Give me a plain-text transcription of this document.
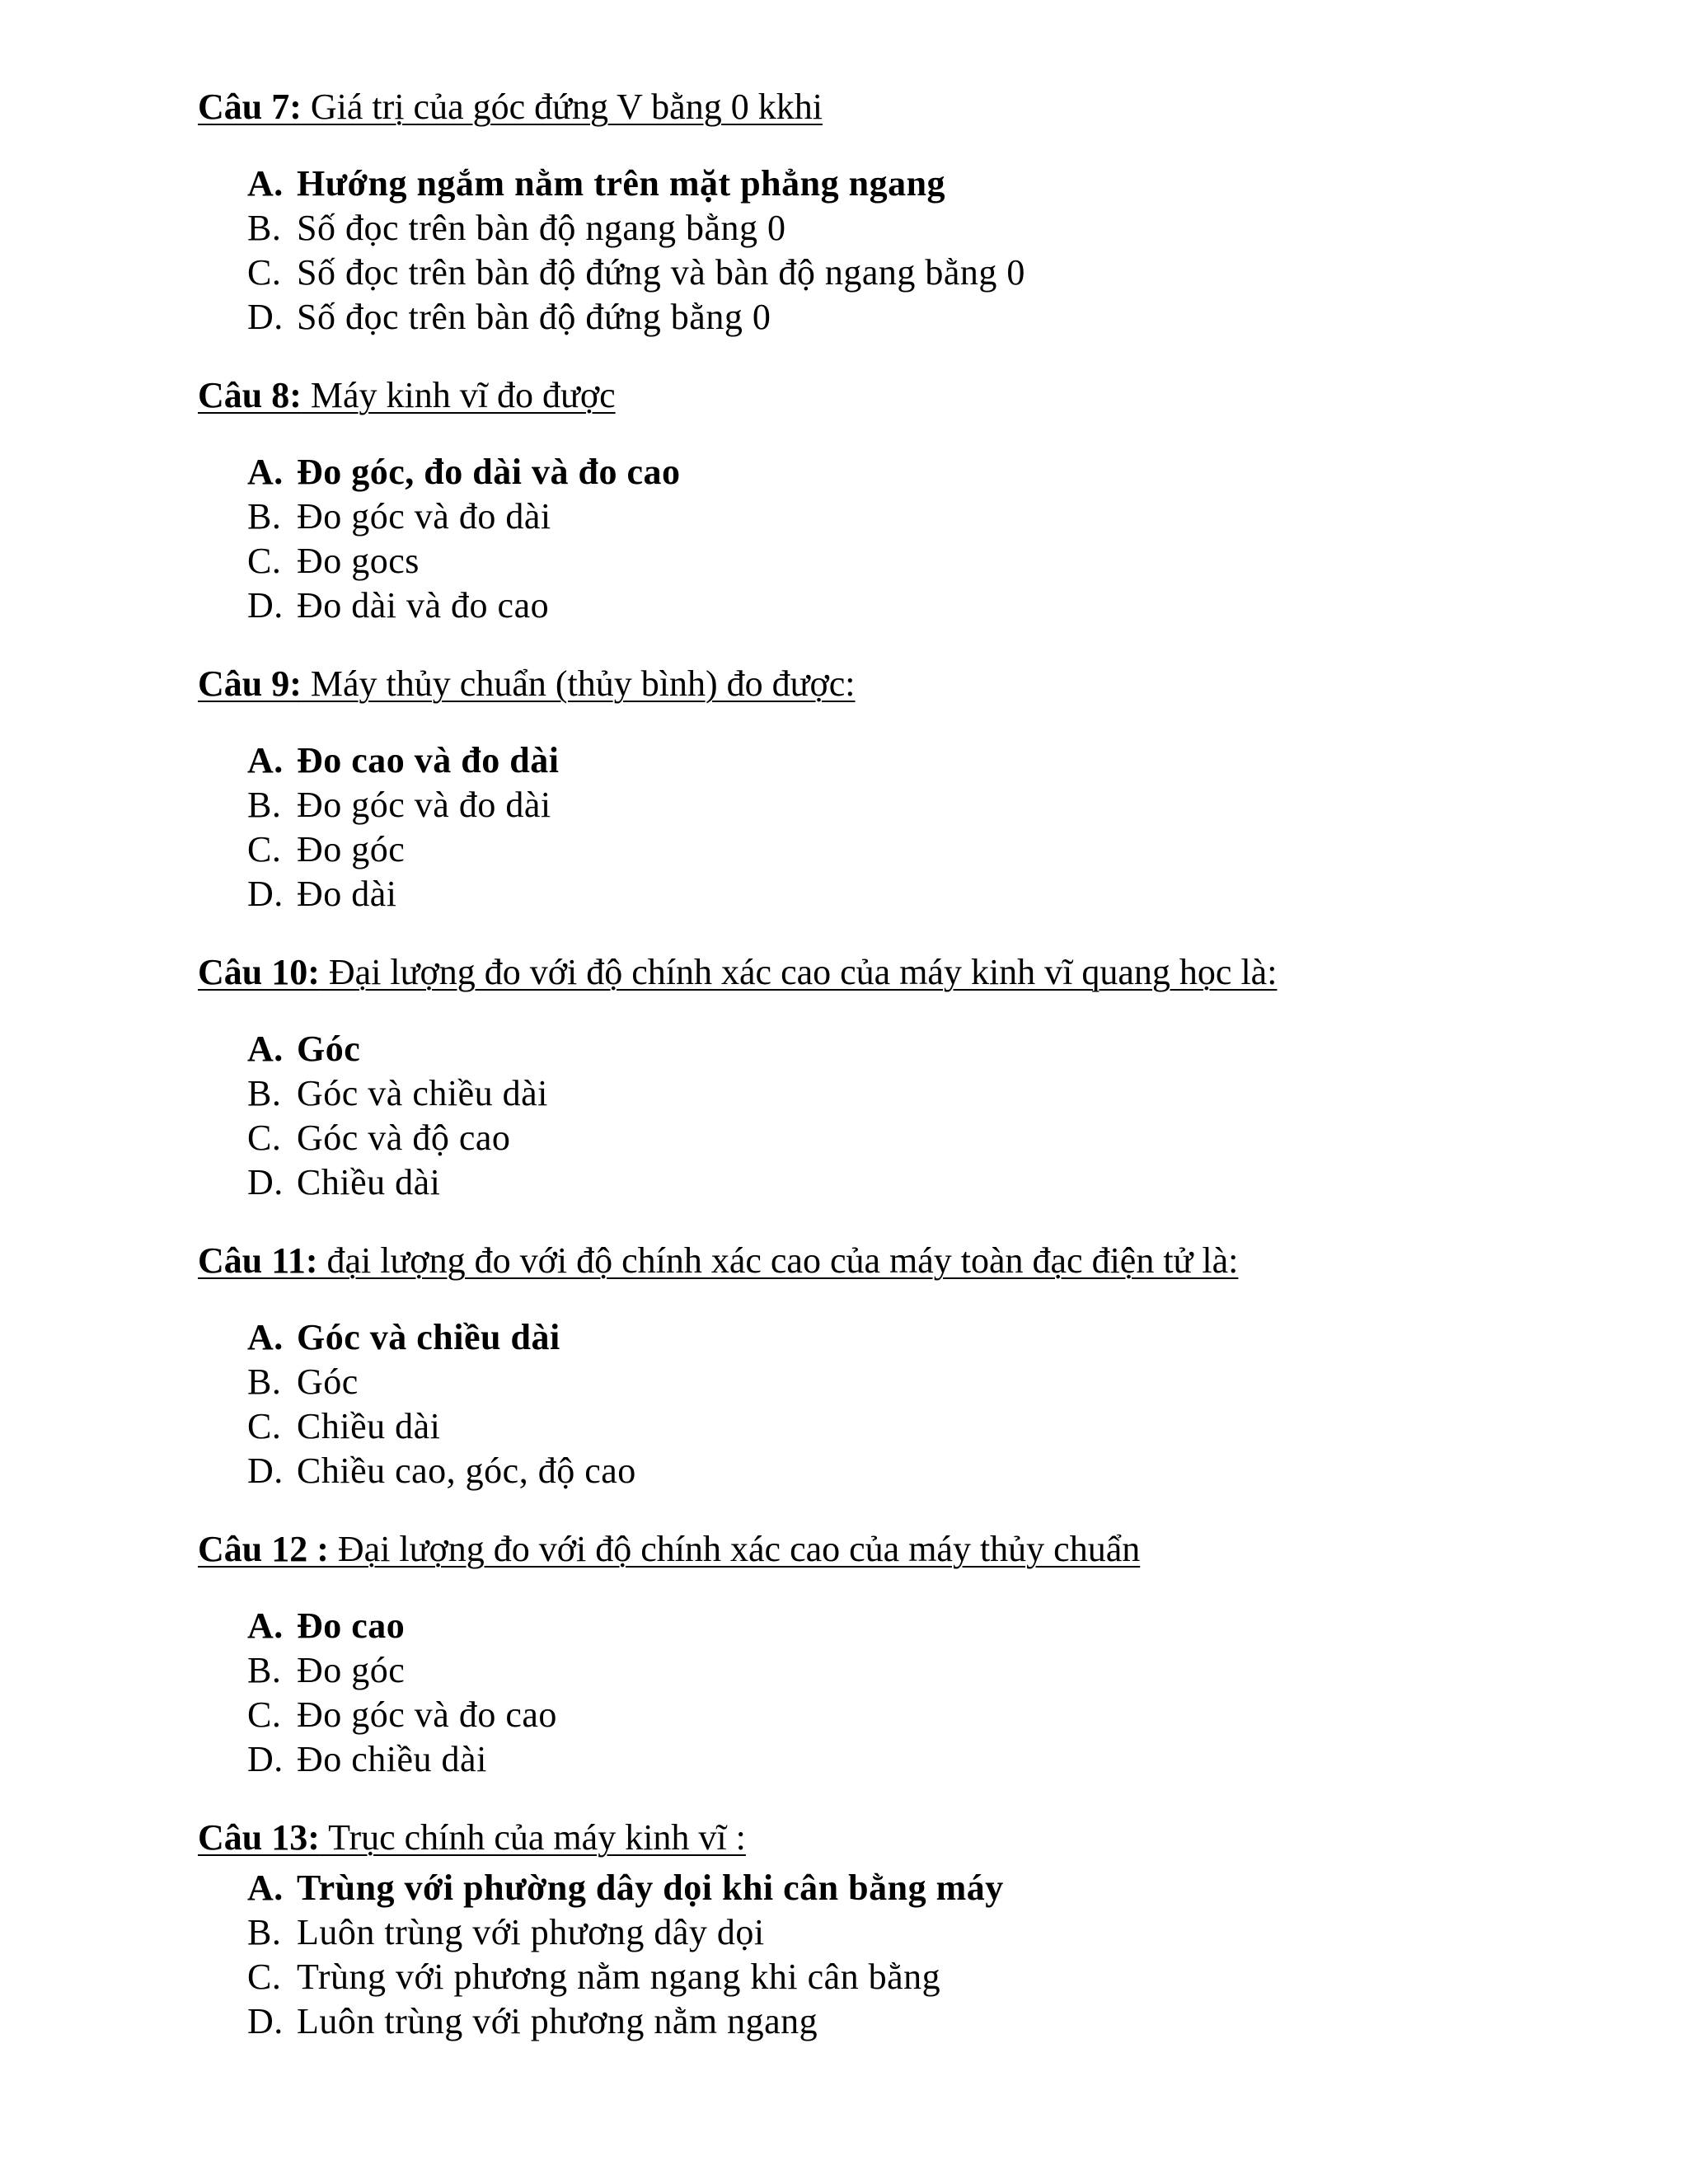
Câu 7: Giá trị của góc đứng V bằng 0 kkhi
A. Hướng ngắm nằm trên mặt phẳng ngang
B. Số đọc trên bàn độ ngang bằng 0
C. Số đọc trên bàn độ đứng và bàn độ ngang bằng 0
D. Số đọc trên bàn độ đứng bằng 0
Câu 8: Máy kinh vĩ đo được
A. Đo góc, đo dài và đo cao
B. Đo góc và đo dài
C. Đo gocs
D. Đo dài và đo cao
Câu 9: Máy thủy chuẩn (thủy bình) đo được:
A. Đo cao và đo dài
B. Đo góc và đo dài
C. Đo góc
D. Đo dài
Câu 10: Đại lượng đo với độ chính xác cao của máy kinh vĩ quang học là:
A. Góc
B. Góc và chiều dài
C. Góc và độ cao
D. Chiều dài
Câu 11: đại lượng đo với độ chính xác cao của máy toàn đạc điện tử là:
A. Góc và chiều dài
B. Góc
C. Chiều dài
D. Chiều cao, góc, độ cao
Câu 12 : Đại lượng đo với độ chính xác cao của máy thủy chuẩn
A. Đo cao
B. Đo góc
C. Đo góc và đo cao
D. Đo chiều dài
Câu 13: Trục chính của máy kinh vĩ :
A. Trùng với phường dây dọi khi cân bằng máy
B. Luôn trùng với phương dây dọi
C. Trùng với phương nằm ngang khi cân bằng
D. Luôn trùng với phương nằm ngang
